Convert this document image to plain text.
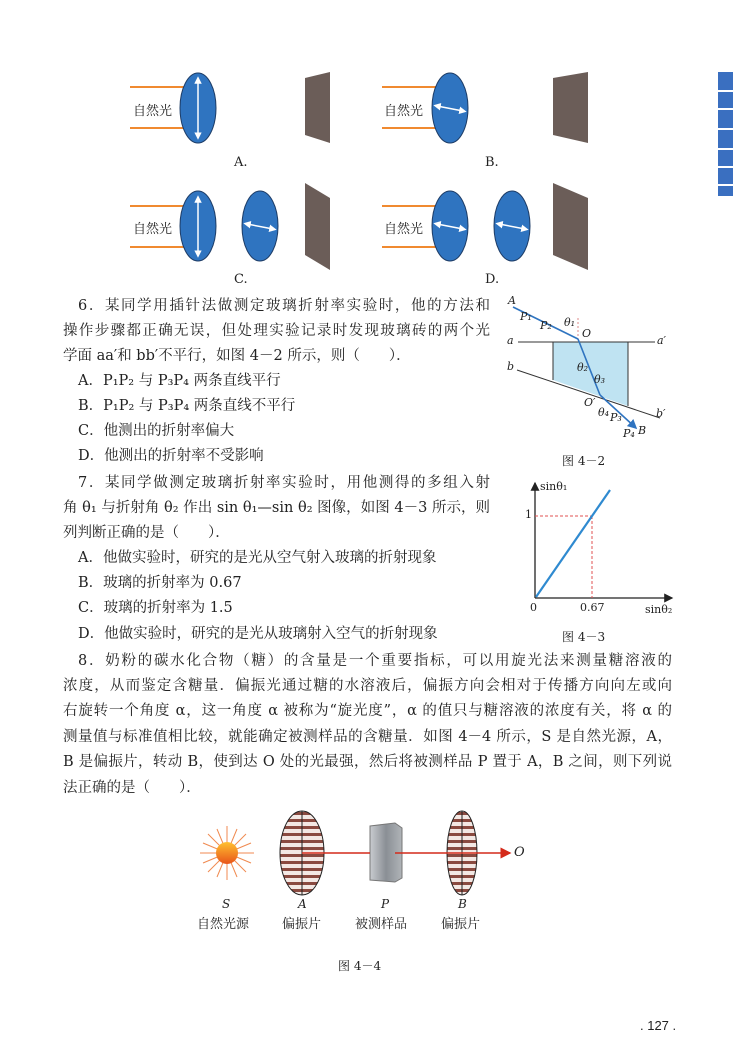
自然光	自然光
自然光	自然光
A.	B.
C.	D.
6．某同学用插针法做测定玻璃折射率实验时，他的方法和
操作步骤都正确无误，但处理实验记录时发现玻璃砖的两个光
学面 aa′和 bb′不平行，如图 4－2 所示，则（　　）．
A．P₁P₂ 与 P₃P₄ 两条直线平行
B．P₁P₂ 与 P₃P₄ 两条直线不平行
C．他测出的折射率偏大
D．他测出的折射率不受影响
A
P₁
P₂ θ₁
O
a	a′
b	θ₂
θ₃
O′
θ₄ P₃
P₄ B
b′
图 4－2
7．某同学做测定玻璃折射率实验时，用他测得的多组入射
角 θ₁ 与折射角 θ₂ 作出 sin θ₁—sin θ₂ 图像，如图 4－3 所示，则
列判断正确的是（　　）．
A．他做实验时，研究的是光从空气射入玻璃的折射现象
B．玻璃的折射率为 0.67
C．玻璃的折射率为 1.5
D．他做实验时，研究的是光从玻璃射入空气的折射现象
sinθ₁
1
0	0.67	sinθ₂
图 4－3
8．奶粉的碳水化合物（糖）的含量是一个重要指标，可以用旋光法来测量糖溶液的
浓度，从而鉴定含糖量．偏振光通过糖的水溶液后，偏振方向会相对于传播方向向左或向
右旋转一个角度 α，这一角度 α 被称为“旋光度”，α 的值只与糖溶液的浓度有关，将 α 的
测量值与标准值相比较，就能确定被测样品的含糖量．如图 4－4 所示，S 是自然光源，A，
B 是偏振片，转动 B，使到达 O 处的光最强，然后将被测样品 P 置于 A，B 之间，则下列说
法正确的是（　　）．
O
S
自然光源
A
偏振片
P
被测样品
B
偏振片
图 4－4
. 127 .
